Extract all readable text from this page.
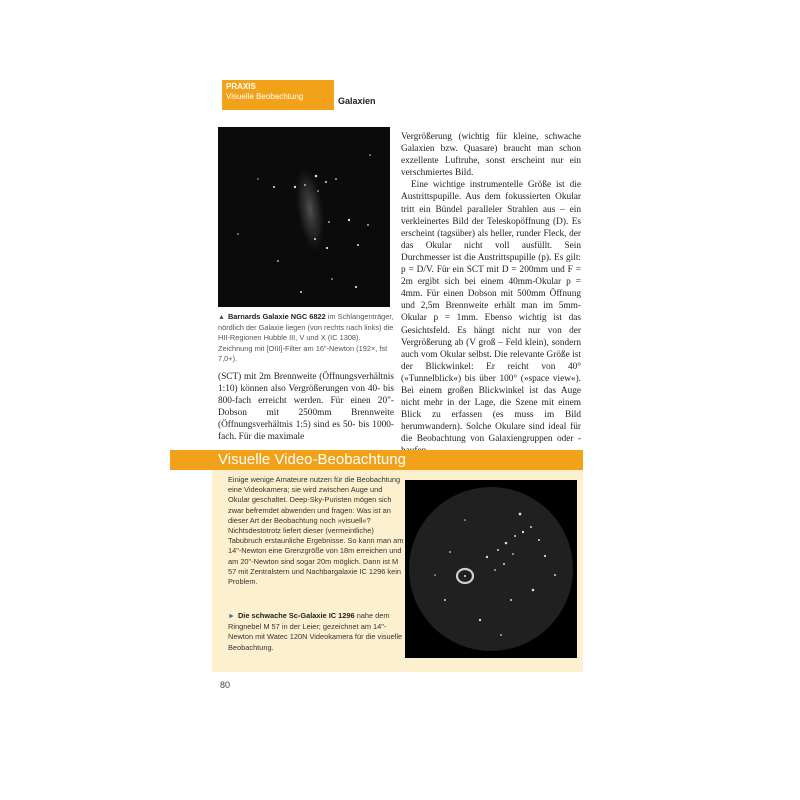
PRAXIS
Visuelle Beobachtung	Galaxien
▲ Barnards Galaxie NGC 6822 im Schlangenträger, nördlich der Galaxie liegen (von rechts nach links) die HII-Regionen Hubble III, V und X (IC 1308). Zeichnung mit [OIII]-Filter am 16"-Newton (192×, fst 7,0+).

(SCT) mit 2m Brennweite (Öffnungsverhältnis 1:10) können also Vergrößerungen von 40- bis 800-fach erreicht werden. Für einen 20"-Dobson mit 2500mm Brennweite (Öffnungsverhältnis 1:5) sind es 50- bis 1000-fach. Für die maximale

Vergrößerung (wichtig für kleine, schwache Galaxien bzw. Quasare) braucht man schon exzellente Luftruhe, sonst erscheint nur ein verschmiertes Bild.

Eine wichtige instrumentelle Größe ist die Austrittspupille. Aus dem fokussierten Okular tritt ein Bündel paralleler Strahlen aus – ein verkleinertes Bild der Teleskopöffnung (D). Es erscheint (tagsüber) als heller, runder Fleck, der das Okular nicht voll ausfüllt. Sein Durchmesser ist die Austrittspupille (p). Es gilt: p = D/V. Für ein SCT mit D = 200mm und F = 2m ergibt sich bei einem 40mm-Okular p = 4mm. Für einen Dobson mit 500mm Öffnung und 2,5m Brennweite erhält man im 5mm-Okular p = 1mm. Ebenso wichtig ist das Gesichtsfeld. Es hängt nicht nur von der Vergrößerung ab (V groß – Feld klein), sondern auch vom Okular selbst. Die relevante Größe ist der Blickwinkel: Er reicht von 40° (»Tunnelblick«) bis über 100° (»space view«). Bei einem großen Blickwinkel ist das Auge nicht mehr in der Lage, die Szene mit einem Blick zu erfassen (es muss im Bild herumwandern). Solche Okulare sind ideal für die Beobachtung von Galaxiengruppen oder -

Visuelle Video-Beobachtung
Einige wenige Amateure nutzen für die Beobachtung eine Videokamera; sie wird zwischen Auge und Okular geschaltet. Deep-Sky-Puristen mögen sich zwar befremdet abwenden und fragen: Was ist an dieser Art der Beobachtung noch »visuell«? Nichtsdestotrotz liefert dieser (vermeintliche) Tabubruch erstaunliche Ergebnisse. So kann man am 14"-Newton eine Grenzgröße von 18m erreichen und am 20"-Newton sind sogar 20m möglich. Dann ist M 57 mit Zentralstern und Nachbargalaxie IC 1296 kein Problem.
► Die schwache Sc-Galaxie IC 1296 nahe dem Ringnebel M 57 in der Leier; gezeichnet am 14"-Newton mit Watec 120N Videokamera für die visuelle Beobachtung.
80
